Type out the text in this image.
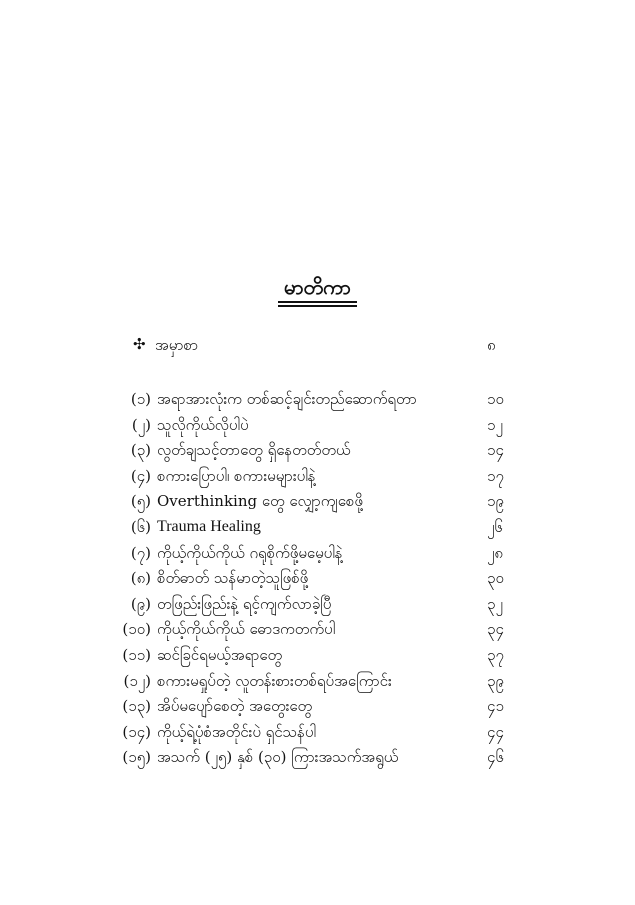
မာတိကာ
✣ အမှာစာ	၈
(၁) အရာအားလုံးက တစ်ဆင့်ချင်းတည်ဆောက်ရတာ	၁၀
(၂) သူလိုကိုယ်လိုပါပဲ	၁၂
(၃) လွတ်ချသင့်တာတွေ ရှိနေတတ်တယ်	၁၄
(၄) စကားပြောပါ၊ စကားမများပါနဲ့	၁၇
(၅) Overthinking တွေ လျှော့ကျစေဖို့	၁၉
(၆) Trauma Healing	၂၆
(၇) ကိုယ့်ကိုယ်ကိုယ် ဂရုစိုက်ဖို့မမေ့ပါနဲ့	၂၈
(၈) စိတ်ဓာတ် သန်မာတဲ့သူဖြစ်ဖို့	၃၀
(၉) တဖြည်းဖြည်းနဲ့ ရင့်ကျက်လာခဲ့ပြီ	၃၂
(၁၀) ကိုယ့်ကိုယ်ကိုယ် ဓောဒကတက်ပါ	၃၄
(၁၁) ဆင်ခြင်ရမယ့်အရာတွေ	၃၇
(၁၂) စကားမရှုပ်တဲ့ လူတန်းစားတစ်ရပ်အကြောင်း	၃၉
(၁၃) အိပ်မပျော်စေတဲ့ အတွေးတွေ	၄၁
(၁၄) ကိုယ့်ရဲ့ပုံစံအတိုင်းပဲ ရှင်သန်ပါ	၄၄
(၁၅) အသက် (၂၅) နှစ် (၃၀) ကြားအသက်အရွယ်	၄၆
